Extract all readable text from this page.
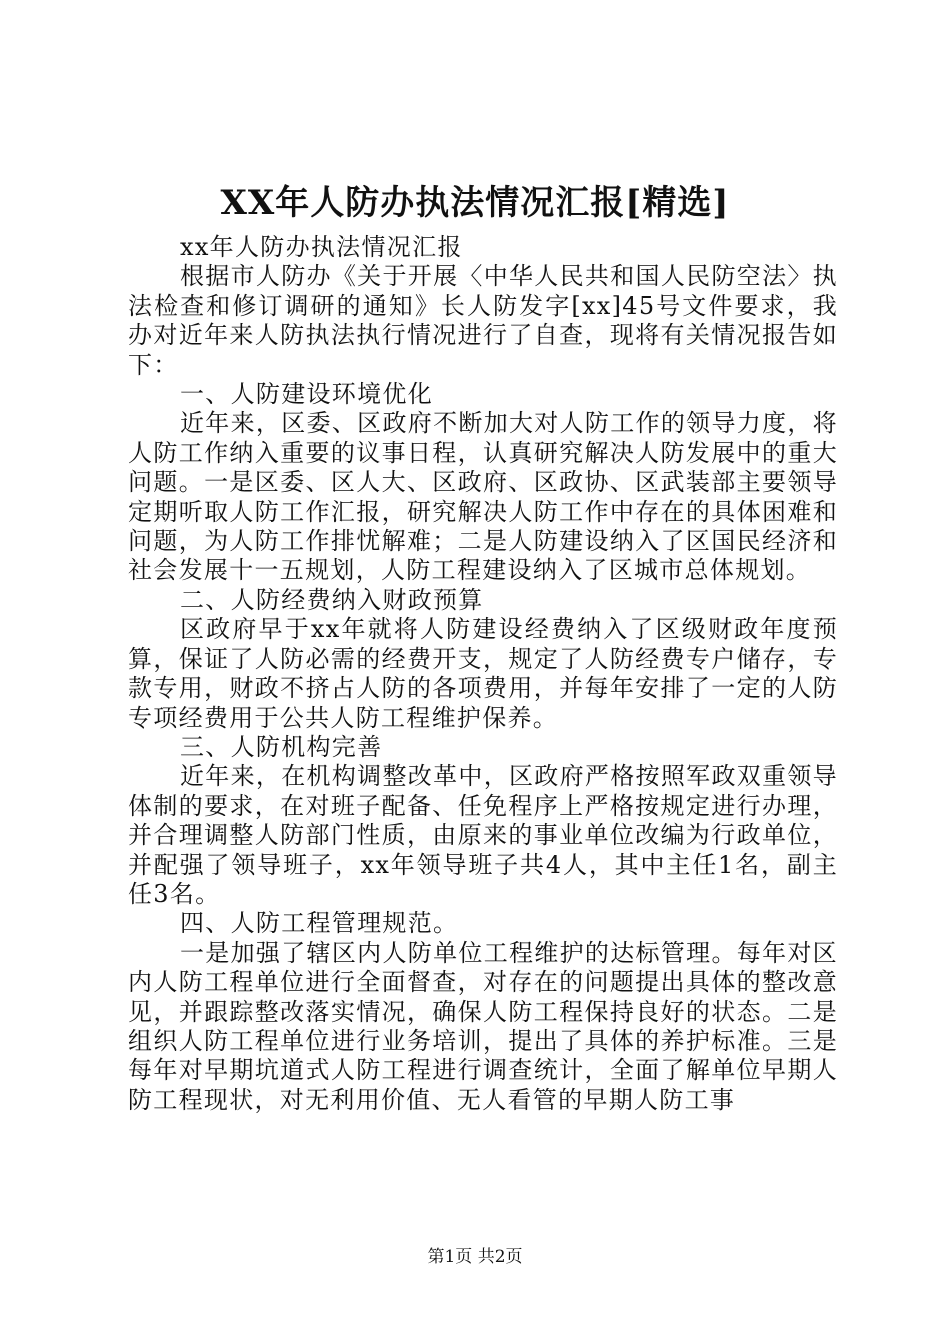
XX年人防办执法情况汇报[精选]

xx年人防办执法情况汇报

根据市人防办《关于开展〈中华人民共和国人民防空法〉执法检查和修订调研的通知》长人防发字[xx]45号文件要求，我办对近年来人防执法执行情况进行了自查，现将有关情况报告如下：

一、人防建设环境优化

近年来，区委、区政府不断加大对人防工作的领导力度，将人防工作纳入重要的议事日程，认真研究解决人防发展中的重大问题。一是区委、区人大、区政府、区政协、区武装部主要领导定期听取人防工作汇报，研究解决人防工作中存在的具体困难和问题，为人防工作排忧解难；二是人防建设纳入了区国民经济和社会发展十一五规划，人防工程建设纳入了区城市总体规划。

二、人防经费纳入财政预算

区政府早于xx年就将人防建设经费纳入了区级财政年度预算，保证了人防必需的经费开支，规定了人防经费专户储存，专款专用，财政不挤占人防的各项费用，并每年安排了一定的人防专项经费用于公共人防工程维护保养。

三、人防机构完善

近年来，在机构调整改革中，区政府严格按照军政双重领导体制的要求，在对班子配备、任免程序上严格按规定进行办理，并合理调整人防部门性质，由原来的事业单位改编为行政单位，并配强了领导班子，xx年领导班子共4人，其中主任1名，副主任3名。

四、人防工程管理规范。

一是加强了辖区内人防单位工程维护的达标管理。每年对区内人防工程单位进行全面督查，对存在的问题提出具体的整改意见，并跟踪整改落实情况，确保人防工程保持良好的状态。二是组织人防工程单位进行业务培训，提出了具体的养护标准。三是每年对早期坑道式人防工程进行调查统计，全面了解单位早期人防工程现状，对无利用价值、无人看管的早期人防工事

第1页 共2页
